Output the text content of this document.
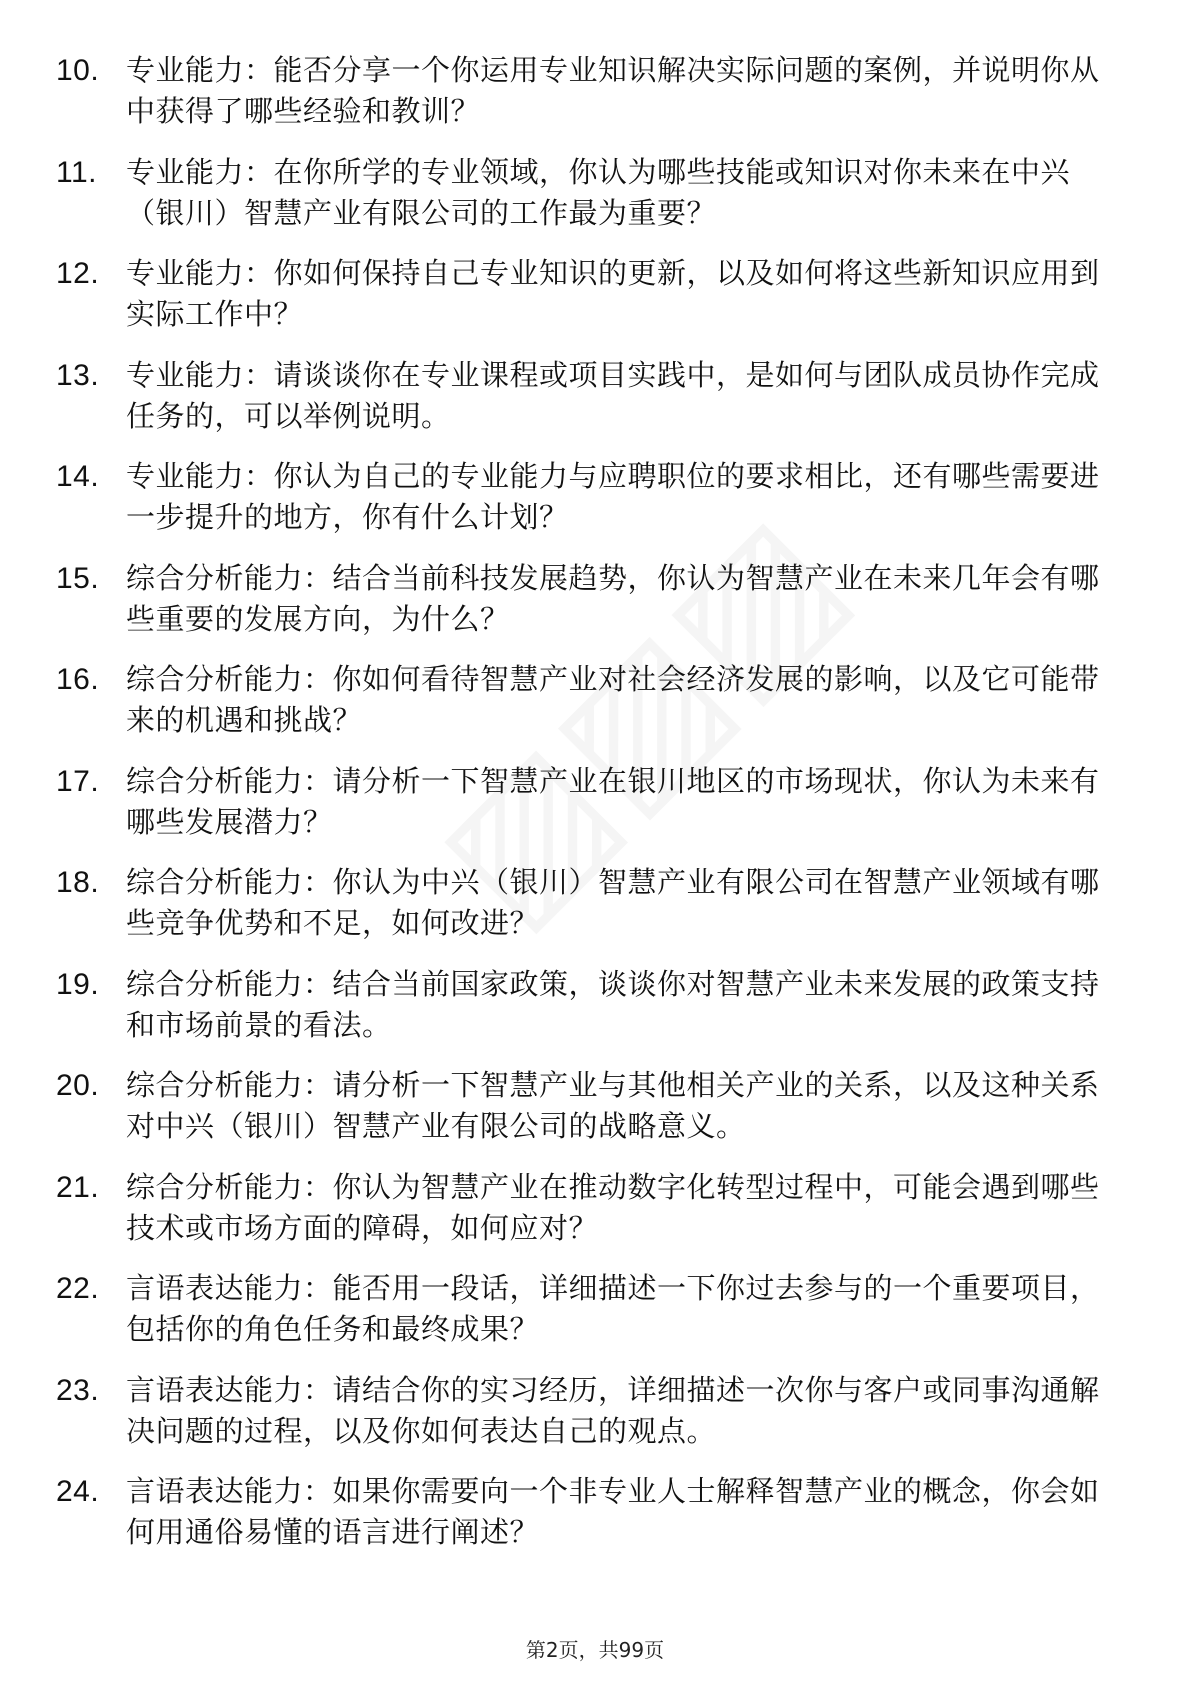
10. 专业能力：能否分享一个你运用专业知识解决实际问题的案例，并说明你从中获得了哪些经验和教训？
11.	专业能力：在你所学的专业领域，你认为哪些技能或知识对你未来在中兴（银川）智慧产业有限公司的工作最为重要？
12. 专业能力：你如何保持自己专业知识的更新，以及如何将这些新知识应用到实际工作中？
13. 专业能力：请谈谈你在专业课程或项目实践中，是如何与团队成员协作完成任务的，可以举例说明。
14. 专业能力：你认为自己的专业能力与应聘职位的要求相比，还有哪些需要进一步提升的地方，你有什么计划？
15. 综合分析能力：结合当前科技发展趋势，你认为智慧产业在未来几年会有哪些重要的发展方向，为什么？
16. 综合分析能力：你如何看待智慧产业对社会经济发展的影响，以及它可能带来的机遇和挑战？
17. 综合分析能力：请分析一下智慧产业在银川地区的市场现状，你认为未来有哪些发展潜力？
18. 综合分析能力：你认为中兴（银川）智慧产业有限公司在智慧产业领域有哪些竞争优势和不足，如何改进？
19. 综合分析能力：结合当前国家政策，谈谈你对智慧产业未来发展的政策支持和市场前景的看法。
20. 综合分析能力：请分析一下智慧产业与其他相关产业的关系，以及这种关系对中兴（银川）智慧产业有限公司的战略意义。
21. 综合分析能力：你认为智慧产业在推动数字化转型过程中，可能会遇到哪些技术或市场方面的障碍，如何应对？
22. 言语表达能力：能否用一段话，详细描述一下你过去参与的一个重要项目，包括你的角色任务和最终成果？
23. 言语表达能力：请结合你的实习经历，详细描述一次你与客户或同事沟通解决问题的过程，以及你如何表达自己的观点。
24. 言语表达能力：如果你需要向一个非专业人士解释智慧产业的概念，你会如何用通俗易懂的语言进行阐述？
第2页，共99页
